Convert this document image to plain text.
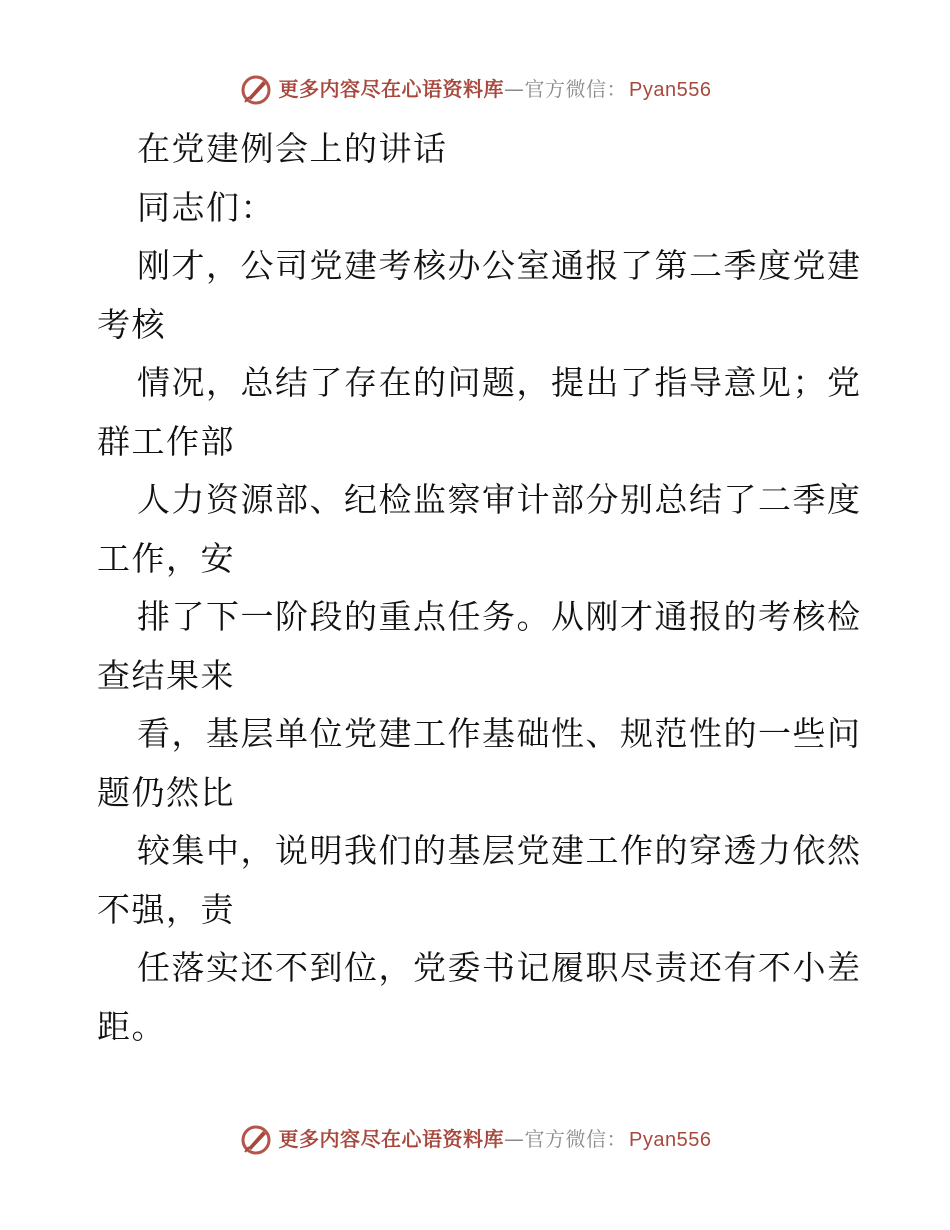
更多内容尽在心语资料库 — 官方微信： Pyan556
在党建例会上的讲话
同志们：
刚才，公司党建考核办公室通报了第二季度党建
考核
情况，总结了存在的问题，提出了指导意见；党
群工作部
人力资源部、纪检监察审计部分别总结了二季度
工作，安
排了下一阶段的重点任务。从刚才通报的考核检
查结果来
看，基层单位党建工作基础性、规范性的一些问
题仍然比
较集中，说明我们的基层党建工作的穿透力依然
不强，责
任落实还不到位，党委书记履职尽责还有不小差
距。
更多内容尽在心语资料库 — 官方微信： Pyan556
